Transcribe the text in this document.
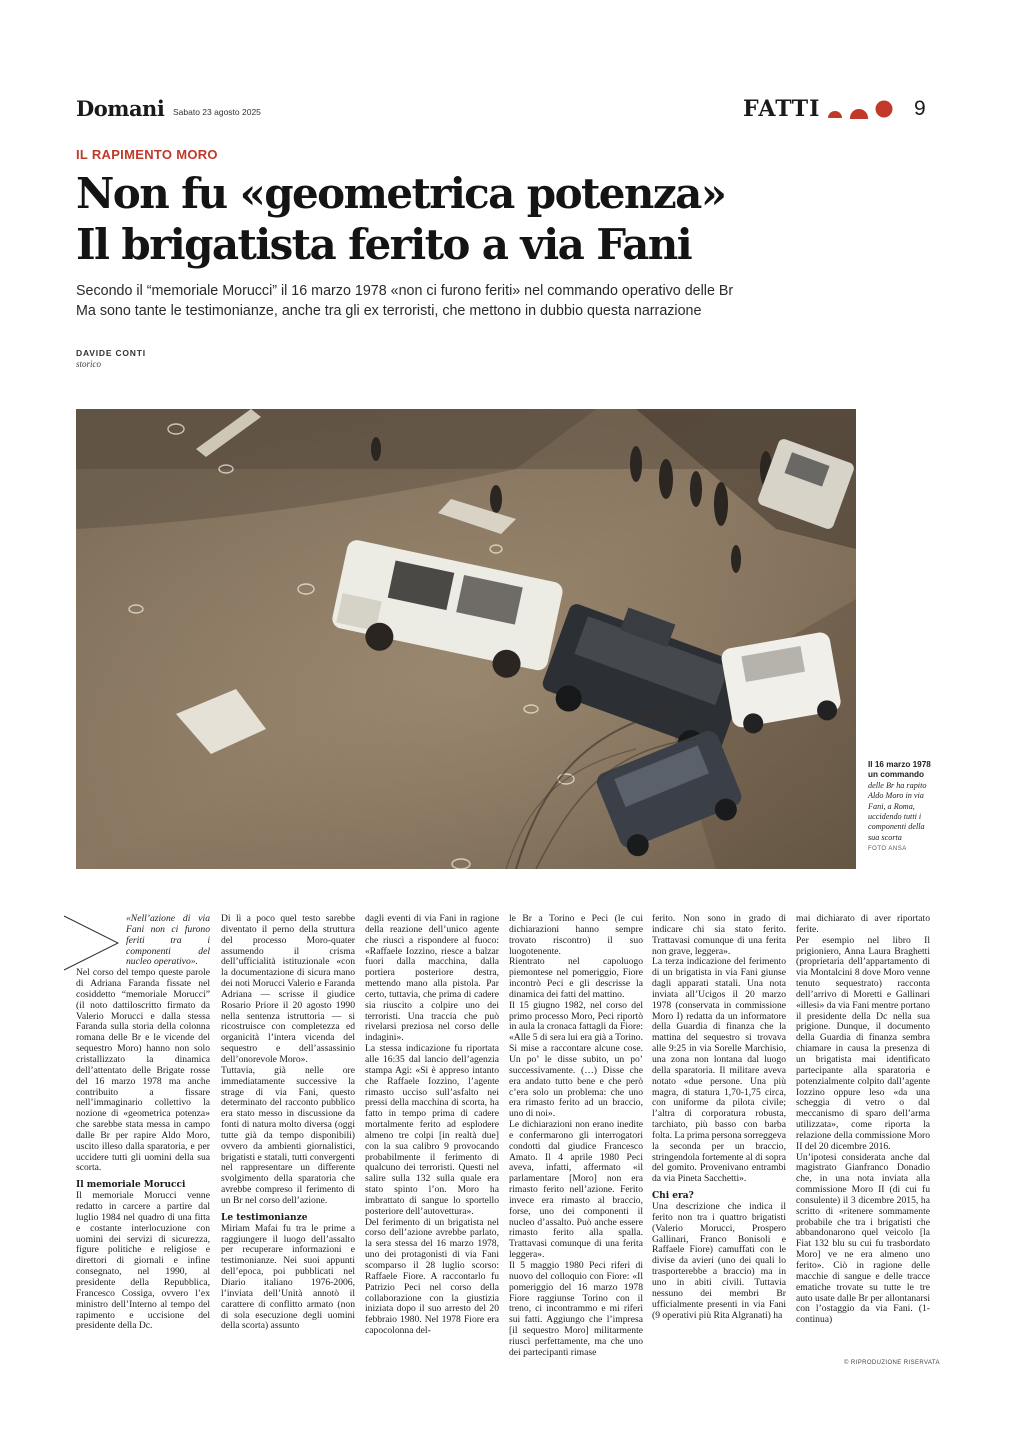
Domani Sabato 23 agosto 2025	FATTI	9
IL RAPIMENTO MORO
Non fu «geometrica potenza»
Il brigatista ferito a via Fani
Secondo il “memoriale Morucci” il 16 marzo 1978 «non ci furono feriti» nel commando operativo delle Br
Ma sono tante le testimonianze, anche tra gli ex terroristi, che mettono in dubbio questa narrazione
DAVIDE CONTI
storico
Il 16 marzo 1978 un commando
delle Br ha rapito Aldo Moro in via Fani, a Roma, uccidendo tutti i componenti della sua scorta
FOTO ANSA

«Nell’azione di via Fani non ci furono feriti tra i componenti del nucleo operativo».

Nel corso del tempo queste parole di Adriana Faranda fissate nel cosiddetto “memoriale Morucci” (il noto dattiloscritto firmato da Valerio Morucci e dalla stessa Faranda sulla storia della colonna romana delle Br e le vicende del sequestro Moro) hanno non solo cristallizzato la dinamica dell’attentato delle Brigate rosse del 16 marzo 1978 ma anche contribuito a fissare nell’immaginario collettivo la nozione di «geometrica potenza» che sarebbe stata messa in campo dalle Br per rapire Aldo Moro, uscito illeso dalla sparatoria, e per uccidere tutti gli uomini della sua scorta.

Il memoriale Morucci

Il memoriale Morucci venne redatto in carcere a partire dal luglio 1984 nel quadro di una fitta e costante interlocuzione con uomini dei servizi di sicurezza, figure politiche e religiose e direttori di giornali e infine consegnato, nel 1990, al presidente della Repubblica, Francesco Cossiga, ovvero l’ex ministro dell’Interno al tempo del rapimento e uccisione del presidente della Dc.

Di lì a poco quel testo sarebbe diventato il perno della struttura del processo Moro-quater assumendo il crisma dell’ufficialità istituzionale «con la documentazione di sicura mano dei noti Morucci Valerio e Faranda Adriana — scrisse il giudice Rosario Priore il 20 agosto 1990 nella sentenza istruttoria — si ricostruisce con completezza ed organicità l’intera vicenda del sequestro e dell’assassinio dell’onorevole Moro».

Tuttavia, già nelle ore immediatamente successive la strage di via Fani, questo determinato del racconto pubblico era stato messo in discussione da fonti di natura molto diversa (oggi tutte già da tempo disponibili) ovvero da ambienti giornalistici, brigatisti e statali, tutti convergenti nel rappresentare un differente svolgimento della sparatoria che avrebbe compreso il ferimento di un Br nel corso dell’azione.

Le testimonianze

Miriam Mafai fu tra le prime a raggiungere il luogo dell’assalto per recuperare informazioni e testimonianze. Nei suoi appunti dell’epoca, poi pubblicati nel Diario italiano 1976-2006, l’inviata dell’Unità annotò il carattere di conflitto armato (non di sola esecuzione degli uomini della scorta) assunto

dagli eventi di via Fani in ragione della reazione dell’unico agente che riuscì a rispondere al fuoco: «Raffaele Iozzino, riesce a balzar fuori dalla macchina, dalla portiera posteriore destra, mettendo mano alla pistola. Par certo, tuttavia, che prima di cadere sia riuscito a colpire uno dei terroristi. Una traccia che può rivelarsi preziosa nel corso delle indagini».

La stessa indicazione fu riportata alle 16:35 dal lancio dell’agenzia stampa Agi: «Si è appreso intanto che Raffaele Iozzino, l’agente rimasto ucciso sull’asfalto nei pressi della macchina di scorta, ha fatto in tempo prima di cadere mortalmente ferito ad esplodere almeno tre colpi [in realtà due] con la sua calibro 9 provocando probabilmente il ferimento di qualcuno dei terroristi. Questi nel salire sulla 132 sulla quale era stato spinto l’on. Moro ha imbrattato di sangue lo sportello posteriore dell’autovettura».

Del ferimento di un brigatista nel corso dell’azione avrebbe parlato, la sera stessa del 16 marzo 1978, uno dei protagonisti di via Fani scomparso il 28 luglio scorso: Raffaele Fiore. A raccontarlo fu Patrizio Peci nel corso della collaborazione con la giustizia iniziata dopo il suo arresto del 20 febbraio 1980. Nel 1978 Fiore era capocolonna del-

le Br a Torino e Peci (le cui dichiarazioni hanno sempre trovato riscontro) il suo luogotenente.

Rientrato nel capoluogo piemontese nel pomeriggio, Fiore incontrò Peci e gli descrisse la dinamica dei fatti del mattino.

Il 15 giugno 1982, nel corso del primo processo Moro, Peci riportò in aula la cronaca fattagli da Fiore: «Alle 5 di sera lui era già a Torino. Si mise a raccontare alcune cose. Un po’ le disse subito, un po’ successivamente. (…) Disse che era andato tutto bene e che però c’era solo un problema: che uno era rimasto ferito ad un braccio, uno di noi».

Le dichiarazioni non erano inedite e confermarono gli interrogatori condotti dal giudice Francesco Amato. Il 4 aprile 1980 Peci aveva, infatti, affermato «il parlamentare [Moro] non era rimasto ferito nell’azione. Ferito invece era rimasto al braccio, forse, uno dei componenti il nucleo d’assalto. Può anche essere rimasto ferito alla spalla. Trattavasi comunque di una ferita leggera».

Il 5 maggio 1980 Peci riferì di nuovo del colloquio con Fiore: «Il pomeriggio del 16 marzo 1978 Fiore raggiunse Torino con il treno, ci incontrammo e mi riferì sui fatti. Aggiungo che l’impresa [il sequestro Moro] militarmente riuscì perfettamente, ma che uno dei partecipanti rimase

ferito. Non sono in grado di indicare chi sia stato ferito. Trattavasi comunque di una ferita non grave, leggera».

La terza indicazione del ferimento di un brigatista in via Fani giunse dagli apparati statali. Una nota inviata all’Ucigos il 20 marzo 1978 (conservata in commissione Moro I) redatta da un informatore della Guardia di finanza che la mattina del sequestro si trovava alle 9:25 in via Sorelle Marchisio, una zona non lontana dal luogo della sparatoria. Il militare aveva notato «due persone. Una più magra, di statura 1,70-1,75 circa, con uniforme da pilota civile; l’altra di corporatura robusta, tarchiato, più basso con barba folta. La prima persona sorreggeva la seconda per un braccio, stringendola fortemente al di sopra del gomito. Provenivano entrambi da via Pineta Sacchetti».

Chi era?

Una descrizione che indica il ferito non tra i quattro brigatisti (Valerio Morucci, Prospero Gallinari, Franco Bonisoli e Raffaele Fiore) camuffati con le divise da avieri (uno dei quali lo trasporterebbe a braccio) ma in uno in abiti civili. Tuttavia nessuno dei membri Br ufficialmente presenti in via Fani (9 operativi più Rita Algranati) ha

mai dichiarato di aver riportato ferite.

Per esempio nel libro Il prigioniero, Anna Laura Braghetti (proprietaria dell’appartamento di via Montalcini 8 dove Moro venne tenuto sequestrato) racconta dell’arrivo di Moretti e Gallinari «illesi» da via Fani mentre portano il presidente della Dc nella sua prigione. Dunque, il documento della Guardia di finanza sembra chiamare in causa la presenza di un brigatista mai identificato partecipante alla sparatoria e potenzialmente colpito dall’agente Iozzino oppure leso «da una scheggia di vetro o dal meccanismo di sparo dell’arma utilizzata», come riporta la relazione della commissione Moro II del 20 dicembre 2016.

Un’ipotesi considerata anche dal magistrato Gianfranco Donadio che, in una nota inviata alla commissione Moro II (di cui fu consulente) il 3 dicembre 2015, ha scritto di «ritenere sommamente probabile che tra i brigatisti che abbandonarono quel veicolo [la Fiat 132 blu su cui fu trasbordato Moro] ve ne era almeno uno ferito». Ciò in ragione delle macchie di sangue e delle tracce ematiche trovate su tutte le tre auto usate dalle Br per allontanarsi con l’ostaggio da via Fani. (1-continua)

© RIPRODUZIONE RISERVATA
